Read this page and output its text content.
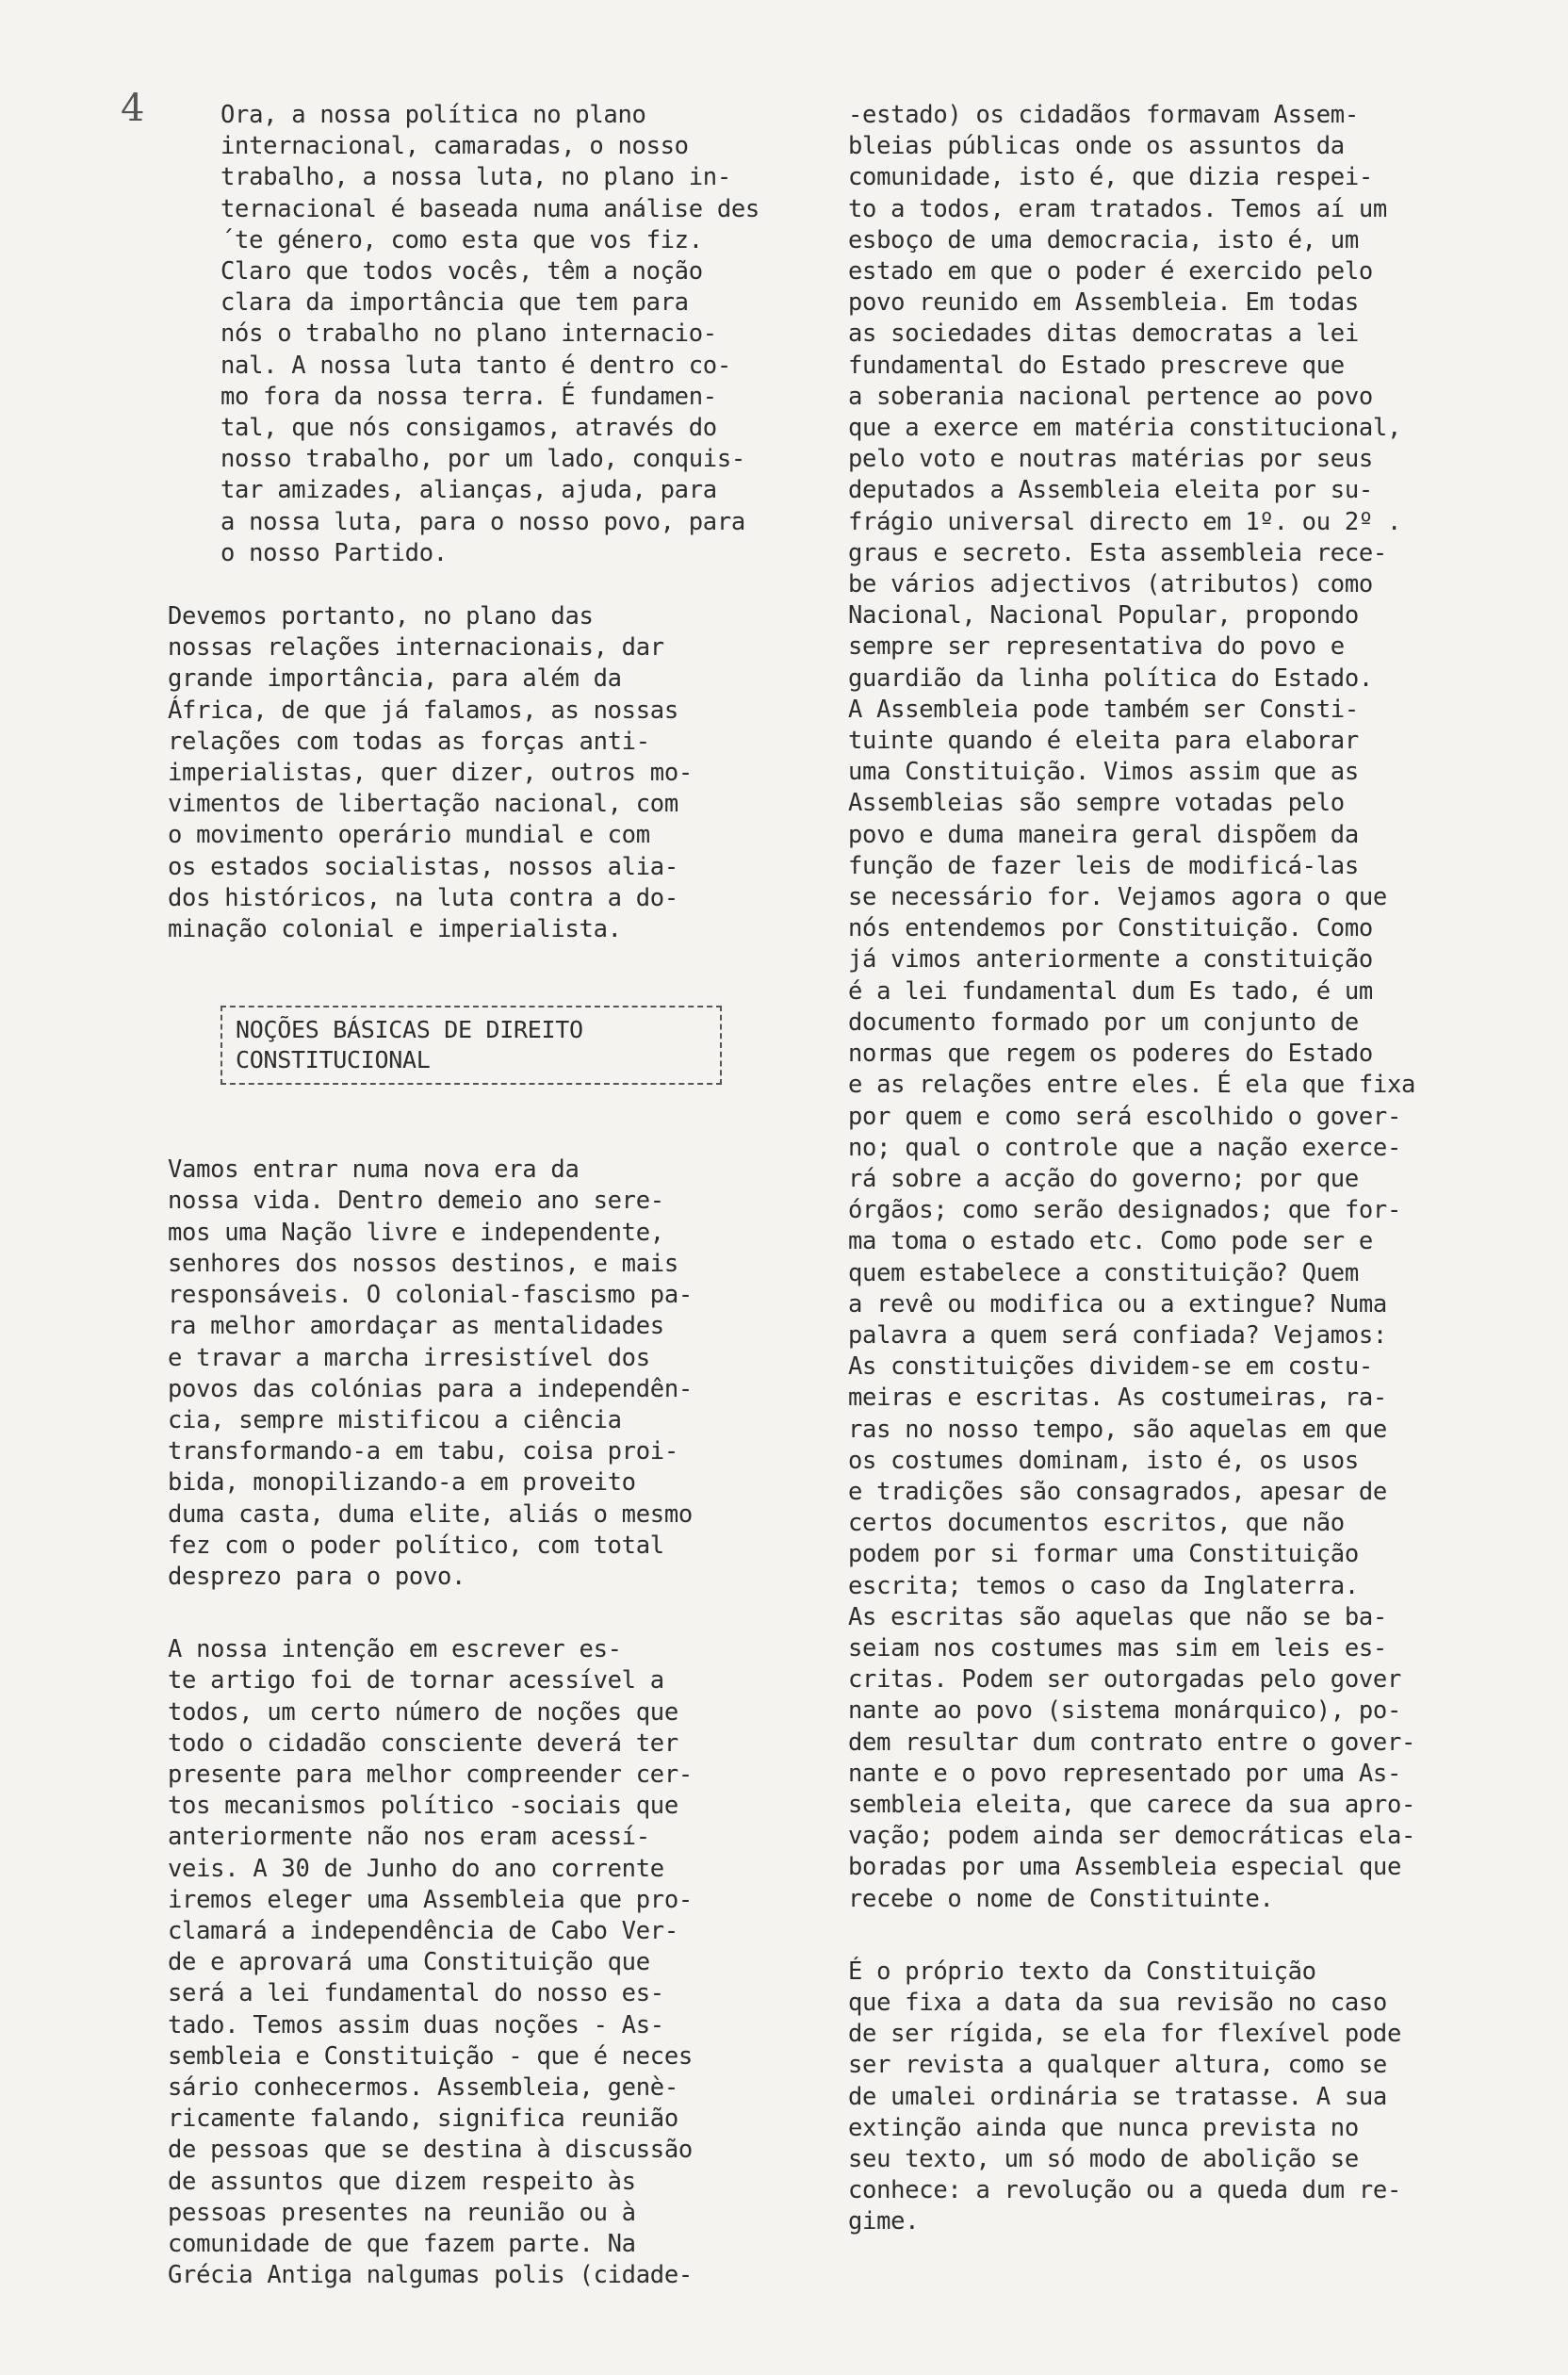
4	Ora, a nossa política no plano
internacional, camaradas, o nosso
trabalho, a nossa luta, no plano in-
ternacional é baseada numa análise des
´te género, como esta que vos fiz.
Claro que todos vocês, têm a noção
clara da importância que tem para
nós o trabalho no plano internacio-
nal. A nossa luta tanto é dentro co-
mo fora da nossa terra. É fundamen-
tal, que nós consigamos, através do
nosso trabalho, por um lado, conquis-
tar amizades, alianças, ajuda, para
a nossa luta, para o nosso povo, para
o nosso Partido.

Devemos portanto, no plano das
nossas relações internacionais, dar
grande importância, para além da
África, de que já falamos, as nossas
relações com todas as forças anti-
imperialistas, quer dizer, outros mo-
vimentos de libertação nacional, com
o movimento operário mundial e com
os estados socialistas, nossos alia-
dos históricos, na luta contra a do-
minação colonial e imperialista.

NOÇÕES BÁSICAS DE DIREITO
CONSTITUCIONAL

Vamos entrar numa nova era da
nossa vida. Dentro demeio ano sere-
mos uma Nação livre e independente,
senhores dos nossos destinos, e mais
responsáveis. O colonial-fascismo pa-
ra melhor amordaçar as mentalidades
e travar a marcha irresistível dos
povos das colónias para a independên-
cia, sempre mistificou a ciência
transformando-a em tabu, coisa proi-
bida, monopilizando-a em proveito
duma casta, duma elite, aliás o mesmo
fez com o poder político, com total
desprezo para o povo.

A nossa intenção em escrever es-
te artigo foi de tornar acessível a
todos, um certo número de noções que
todo o cidadão consciente deverá ter
presente para melhor compreender cer-
tos mecanismos político -sociais que
anteriormente não nos eram acessí-
veis. A 30 de Junho do ano corrente
iremos eleger uma Assembleia que pro-
clamará a independência de Cabo Ver-
de e aprovará uma Constituição que
será a lei fundamental do nosso es-
tado. Temos assim duas noções - As-
sembleia e Constituição - que é neces
sário conhecermos. Assembleia, genè-
ricamente falando, significa reunião
de pessoas que se destina à discussão
de assuntos que dizem respeito às
pessoas presentes na reunião ou à
comunidade de que fazem parte. Na
Grécia Antiga nalgumas polis (cidade-

-estado) os cidadãos formavam Assem-
bleias públicas onde os assuntos da
comunidade, isto é, que dizia respei-
to a todos, eram tratados. Temos aí um
esboço de uma democracia, isto é, um
estado em que o poder é exercido pelo
povo reunido em Assembleia. Em todas
as sociedades ditas democratas a lei
fundamental do Estado prescreve que
a soberania nacional pertence ao povo
que a exerce em matéria constitucional,
pelo voto e noutras matérias por seus
deputados a Assembleia eleita por su-
frágio universal directo em 1º. ou 2º .
graus e secreto. Esta assembleia rece-
be vários adjectivos (atributos) como
Nacional, Nacional Popular, propondo
sempre ser representativa do povo e
guardião da linha política do Estado.
A Assembleia pode também ser Consti-
tuinte quando é eleita para elaborar
uma Constituição. Vimos assim que as
Assembleias são sempre votadas pelo
povo e duma maneira geral dispõem da
função de fazer leis de modificá-las
se necessário for. Vejamos agora o que
nós entendemos por Constituição. Como
já vimos anteriormente a constituição
é a lei fundamental dum Es tado, é um
documento formado por um conjunto de
normas que regem os poderes do Estado
e as relações entre eles. É ela que fixa
por quem e como será escolhido o gover-
no; qual o controle que a nação exerce-
rá sobre a acção do governo; por que
órgãos; como serão designados; que for-
ma toma o estado etc. Como pode ser e
quem estabelece a constituição? Quem
a revê ou modifica ou a extingue? Numa
palavra a quem será confiada? Vejamos:
As constituições dividem-se em costu-
meiras e escritas. As costumeiras, ra-
ras no nosso tempo, são aquelas em que
os costumes dominam, isto é, os usos
e tradições são consagrados, apesar de
certos documentos escritos, que não
podem por si formar uma Constituição
escrita; temos o caso da Inglaterra.
As escritas são aquelas que não se ba-
seiam nos costumes mas sim em leis es-
critas. Podem ser outorgadas pelo gover
nante ao povo (sistema monárquico), po-
dem resultar dum contrato entre o gover-
nante e o povo representado por uma As-
sembleia eleita, que carece da sua apro-
vação; podem ainda ser democráticas ela-
boradas por uma Assembleia especial que
recebe o nome de Constituinte.

É o próprio texto da Constituição
que fixa a data da sua revisão no caso
de ser rígida, se ela for flexível pode
ser revista a qualquer altura, como se
de umalei ordinária se tratasse. A sua
extinção ainda que nunca prevista no
seu texto, um só modo de abolição se
conhece: a revolução ou a queda dum re-
gime.
